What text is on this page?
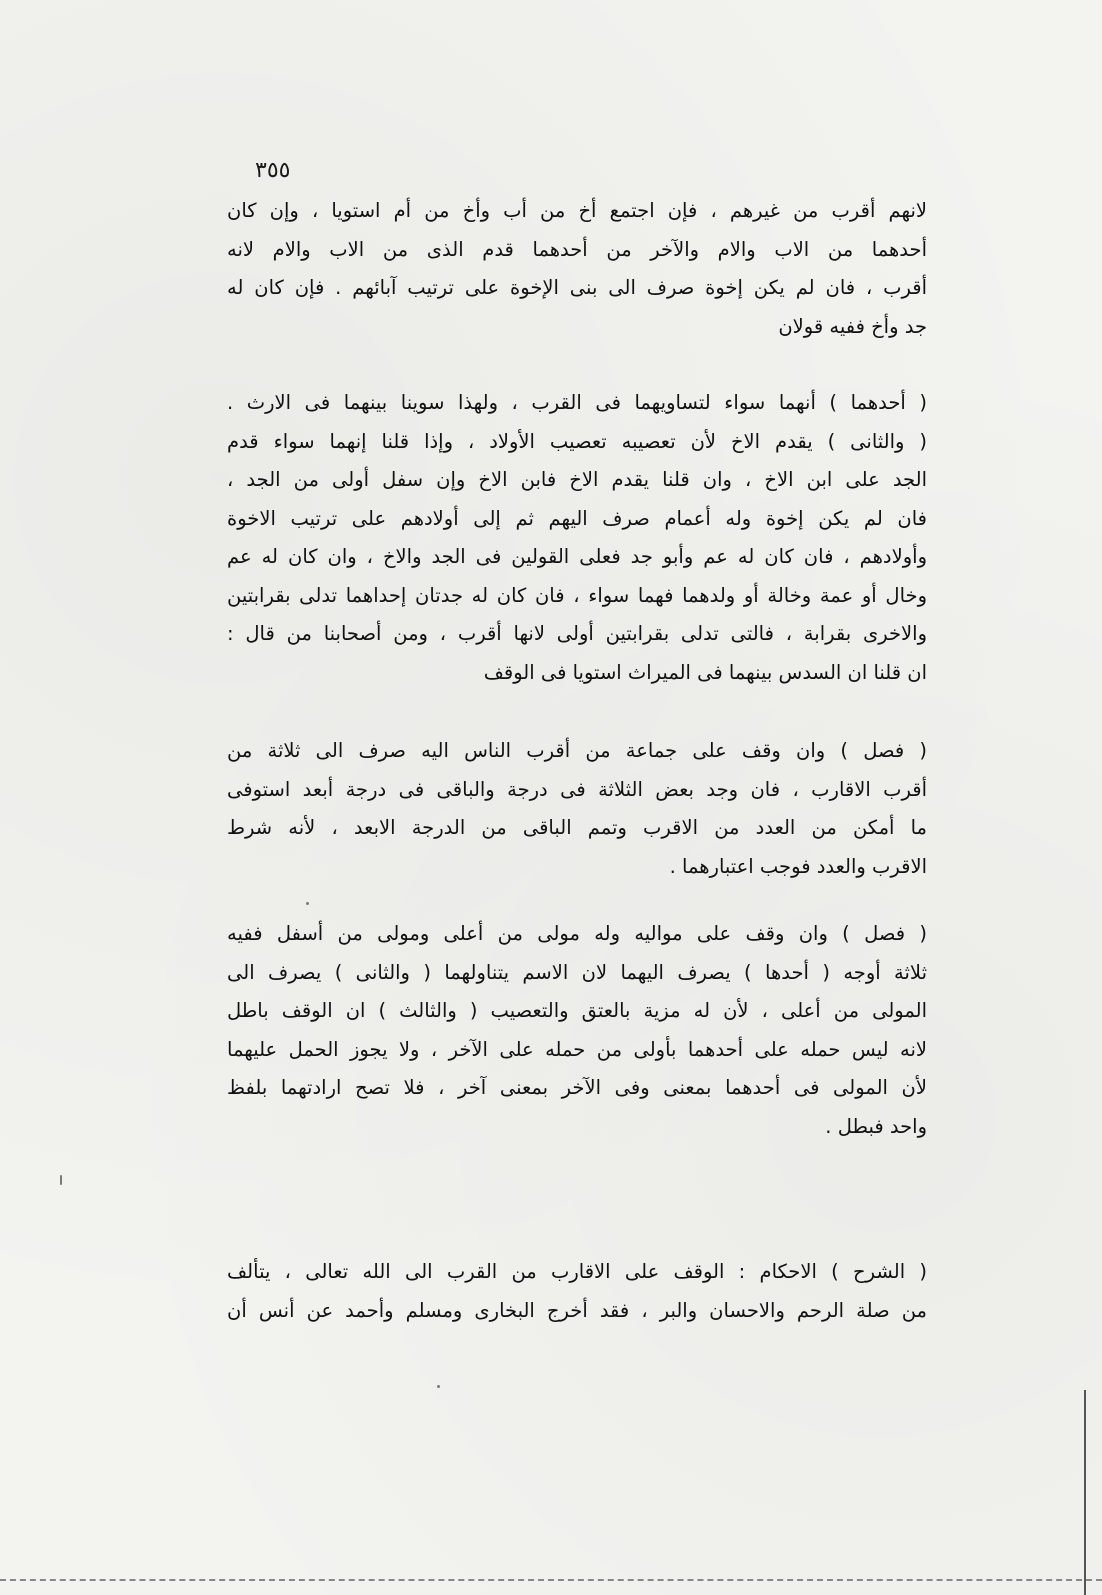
٣٥٥
لانهم أقرب من غيرهم ، فإن اجتمع أخ من أب وأخ من أم استويا ، وإن كان
أحدهما من الاب والام والآخر من أحدهما قدم الذى من الاب والام لانه
أقرب ، فان لم يكن إخوة صرف الى بنى الإخوة على ترتيب آبائهم . فإن كان له
جد وأخ ففيه قولان
( أحدهما ) أنهما سواء لتساويهما فى القرب ، ولهذا سوينا بينهما فى الارث .
( والثانى ) يقدم الاخ لأن تعصيبه تعصيب الأولاد ، وإذا قلنا إنهما سواء قدم
الجد على ابن الاخ ، وان قلنا يقدم الاخ فابن الاخ وإن سفل أولى من الجد ،
فان لم يكن إخوة وله أعمام صرف اليهم ثم إلى أولادهم على ترتيب الاخوة
وأولادهم ، فان كان له عم وأبو جد فعلى القولين فى الجد والاخ ، وان كان له عم
وخال أو عمة وخالة أو ولدهما فهما سواء ، فان كان له جدتان إحداهما تدلى بقرابتين
والاخرى بقرابة ، فالتى تدلى بقرابتين أولى لانها أقرب ، ومن أصحابنا من قال :
ان قلنا ان السدس بينهما فى الميراث استويا فى الوقف
( فصل ) وان وقف على جماعة من أقرب الناس اليه صرف الى ثلاثة من
أقرب الاقارب ، فان وجد بعض الثلاثة فى درجة والباقى فى درجة أبعد استوفى
ما أمكن من العدد من الاقرب وتمم الباقى من الدرجة الابعد ، لأنه شرط
الاقرب والعدد فوجب اعتبارهما .
( فصل ) وان وقف على مواليه وله مولى من أعلى ومولى من أسفل ففيه
ثلاثة أوجه ( أحدها ) يصرف اليهما لان الاسم يتناولهما ( والثانى ) يصرف الى
المولى من أعلى ، لأن له مزية بالعتق والتعصيب ( والثالث ) ان الوقف باطل
لانه ليس حمله على أحدهما بأولى من حمله على الآخر ، ولا يجوز الحمل عليهما
لأن المولى فى أحدهما بمعنى وفى الآخر بمعنى آخر ، فلا تصح ارادتهما بلفظ
واحد فبطل .
( الشرح ) الاحكام : الوقف على الاقارب من القرب الى الله تعالى ، يتألف
من صلة الرحم والاحسان والبر ، فقد أخرج البخارى ومسلم وأحمد عن أنس أن
